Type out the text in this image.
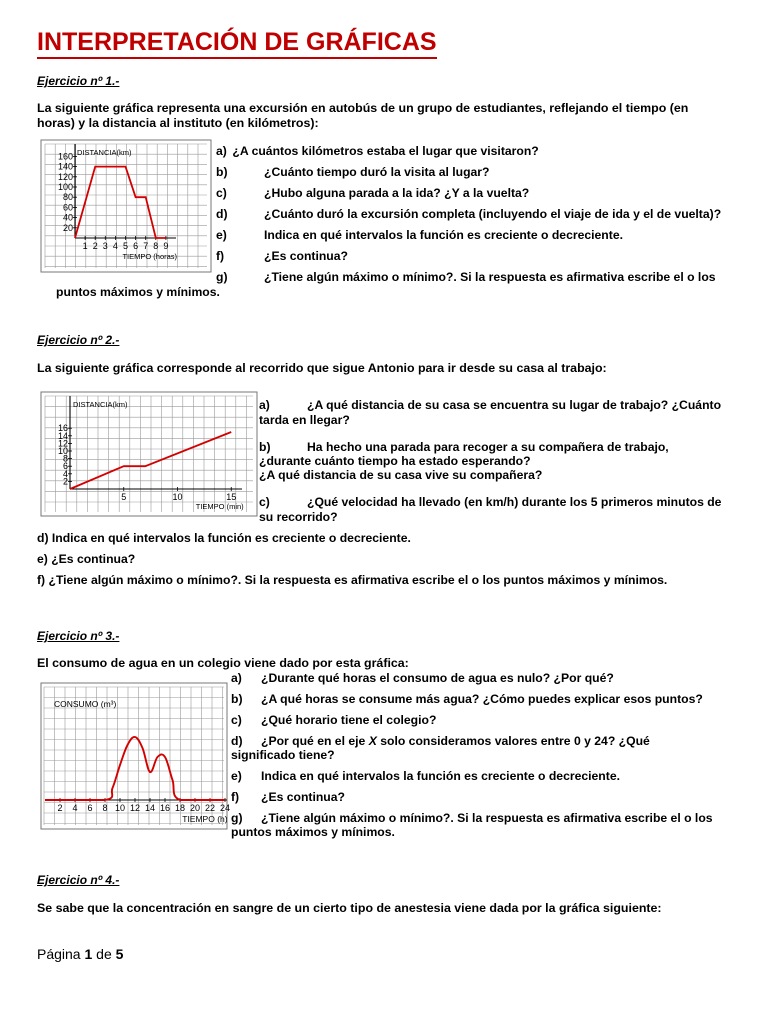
INTERPRETACIÓN DE GRÁFICAS
Ejercicio nº 1.-
La siguiente gráfica representa una excursión en autobús de un grupo de estudiantes, reflejando el tiempo (en horas) y la distancia al instituto (en kilómetros):
20
40
60
80
100
120
140
160
1 2 3 4 5 6 7 8 9
DISTANCIA(km)
TIEMPO (horas)
a) ¿A cuántos kilómetros estaba el lugar que visitaron?
b)	¿Cuánto tiempo duró la visita al lugar?
c)	¿Hubo alguna parada a la ida? ¿Y a la vuelta?
d)	¿Cuánto duró la excursión completa (incluyendo el viaje de ida y el de vuelta)?
e)	Indica en qué intervalos la función es creciente o decreciente.
f)	¿Es continua?
g)	¿Tiene algún máximo o mínimo?. Si la respuesta es afirmativa escribe el o los
puntos máximos y mínimos.
Ejercicio nº 2.-
La siguiente gráfica corresponde al recorrido que sigue Antonio para ir desde su casa al trabajo:
2
4
6
8
10
12
14
16
5	10	15
DISTANCIA(km)
TIEMPO (min)
a)	¿A qué distancia de su casa se encuentra su lugar de trabajo? ¿Cuánto
tarda en llegar?
b)	Ha hecho una parada para recoger a su compañera de trabajo,
¿durante cuánto tiempo ha estado esperando?
¿A qué distancia de su casa vive su compañera?
c)	¿Qué velocidad ha llevado (en km/h) durante los 5 primeros minutos de
su recorrido?
d) Indica en qué intervalos la función es creciente o decreciente.
e) ¿Es continua?
f) ¿Tiene algún máximo o mínimo?. Si la respuesta es afirmativa escribe el o los puntos máximos y mínimos.
Ejercicio nº 3.-
El consumo de agua en un colegio viene dado por esta gráfica:
2 4 6 8 10 12 14 16 18 20 22 24
CONSUMO (m³)
TIEMPO (h)
a) ¿Durante qué horas el consumo de agua es nulo? ¿Por qué?
b) ¿A qué horas se consume más agua? ¿Cómo puedes explicar esos puntos?
c) ¿Qué horario tiene el colegio?
d) ¿Por qué en el eje X solo consideramos valores entre 0 y 24? ¿Qué
significado tiene?
e) Indica en qué intervalos la función es creciente o decreciente.
f) ¿Es continua?
g) ¿Tiene algún máximo o mínimo?. Si la respuesta es afirmativa escribe el o los
puntos máximos y mínimos.
Ejercicio nº 4.-
Se sabe que la concentración en sangre de un cierto tipo de anestesia viene dada por la gráfica siguiente:
Página 1 de 5
